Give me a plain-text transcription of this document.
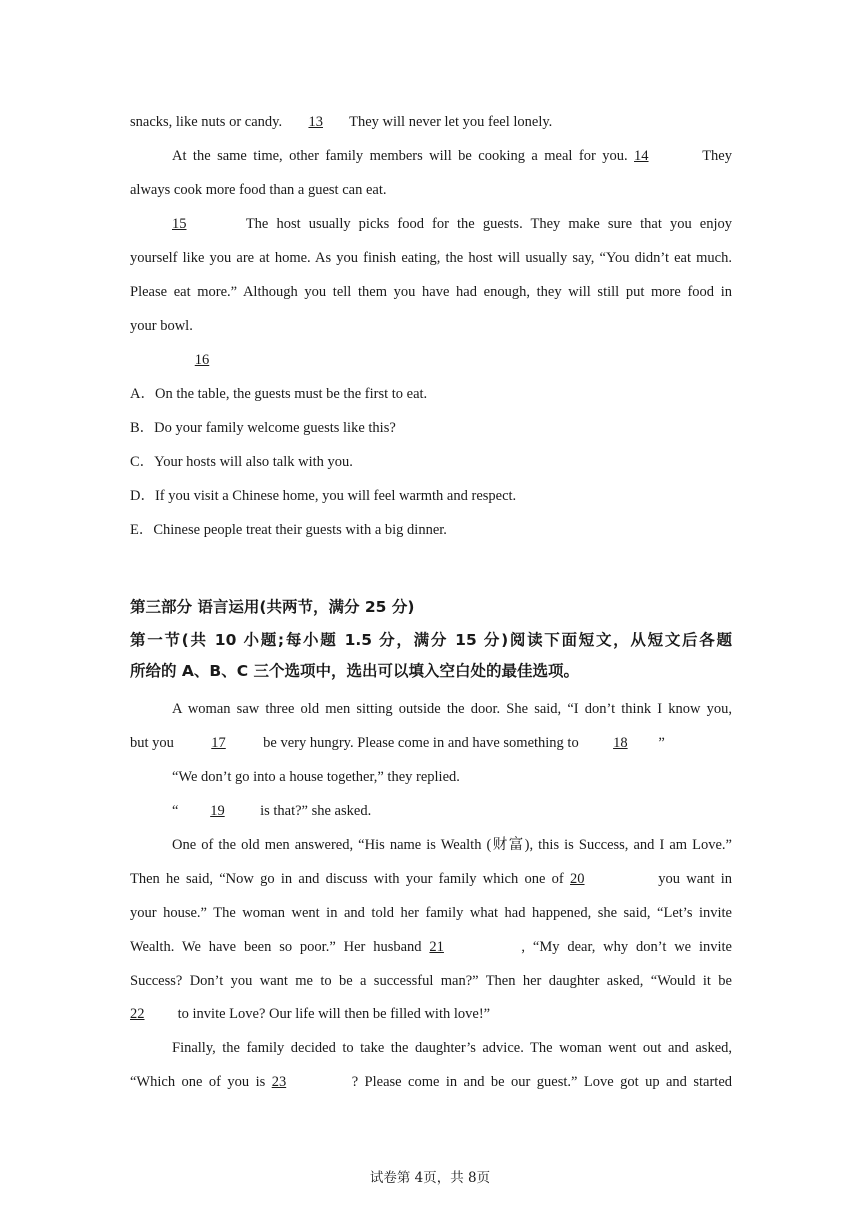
snacks, like nuts or candy. 13 They will never let you feel lonely.
At the same time, other family members will be cooking a meal for you. 14	They
always cook more food than a guest can eat.
15	The host usually picks food for the guests. They make sure that you enjoy
yourself like you are at home. As you finish eating, the host will usually say, “You didn’t eat much.
Please eat more.” Although you tell them you have had enough, they will still put more food in
your bowl.
16
A．On the table, the guests must be the first to eat.
B．Do your family welcome guests like this?
C．Your hosts will also talk with you.
D．If you visit a Chinese home, you will feel warmth and respect.
E．Chinese people treat their guests with a big dinner.
第三部分 语言运用(共两节，满分 25 分)
第一节(共 10 小题;每小题 1.5 分，满分 15 分)阅读下面短文，从短文后各题
所给的 A、B、C 三个选项中，选出可以填入空白处的最佳选项。
A woman saw three old men sitting outside the door. She said, “I don’t think I know you,
but you	17	be very hungry. Please come in and have something to 18 ”
“We don’t go into a house together,” they replied.
“ 19 is that?” she asked.
One of the old men answered, “His name is Wealth (财富), this is Success, and I am Love.”
Then he said, “Now go in and discuss with your family which one of 20	you want in
your house.” The woman went in and told her family what had happened, she said, “Let’s invite
Wealth. We have been so poor.” Her husband 21	, “My dear, why don’t we invite
Success? Don’t you want me to be a successful man?” Then her daughter asked, “Would it be
22 to invite Love? Our life will then be filled with love!”
Finally, the family decided to take the daughter’s advice. The woman went out and asked,
“Which one of you is 23	? Please come in and be our guest.” Love got up and started
试卷第 4页，共 8页
